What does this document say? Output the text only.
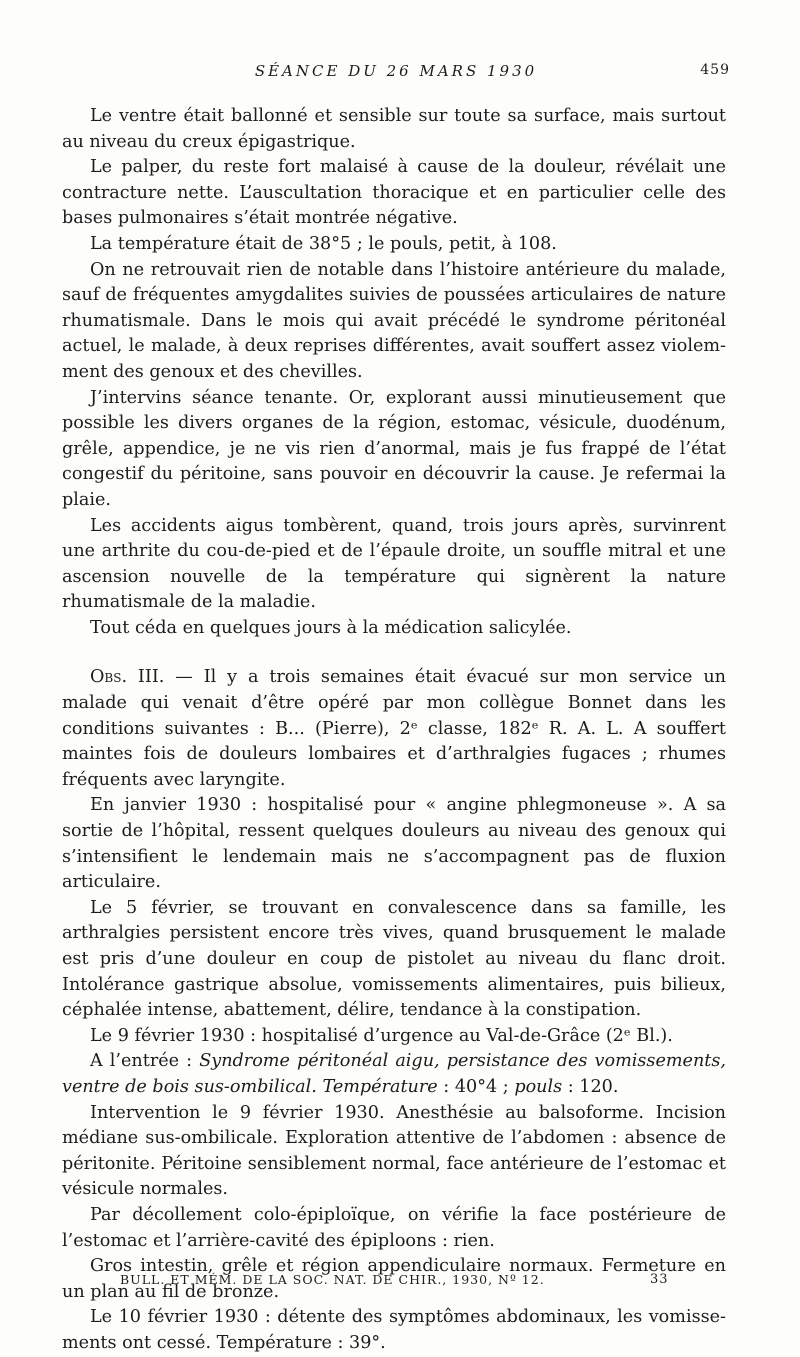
SÉANCE DU 26 MARS 1930	459

Le ventre était ballonné et sensible sur toute sa surface, mais surtout au niveau du creux épigastrique.

Le palper, du reste fort malaisé à cause de la douleur, révélait une contracture nette. L’auscultation thoracique et en particulier celle des bases pulmonaires s’était montrée négative.

La température était de 38°5 ; le pouls, petit, à 108.

On ne retrouvait rien de notable dans l’histoire antérieure du malade, sauf de fréquentes amygdalites suivies de poussées articulaires de nature rhumatismale. Dans le mois qui avait précédé le syndrome péritonéal actuel, le malade, à deux reprises différentes, avait souffert assez violemment des genoux et des chevilles.

J’intervins séance tenante. Or, explorant aussi minutieusement que possible les divers organes de la région, estomac, vésicule, duodénum, grêle, appendice, je ne vis rien d’anormal, mais je fus frappé de l’état congestif du péritoine, sans pouvoir en découvrir la cause. Je refermai la plaie.

Les accidents aigus tombèrent, quand, trois jours après, survinrent une arthrite du cou-de-pied et de l’épaule droite, un souffle mitral et une ascension nouvelle de la température qui signèrent la nature rhumatismale de la maladie.

Tout céda en quelques jours à la médication salicylée.

Obs. III. — Il y a trois semaines était évacué sur mon service un malade qui venait d’être opéré par mon collègue Bonnet dans les conditions suivantes : B... (Pierre), 2ᵉ classe, 182ᵉ R. A. L. A souffert maintes fois de douleurs lombaires et d’arthralgies fugaces ; rhumes fréquents avec laryngite.

En janvier 1930 : hospitalisé pour « angine phlegmoneuse ». A sa sortie de l’hôpital, ressent quelques douleurs au niveau des genoux qui s’intensifient le lendemain mais ne s’accompagnent pas de fluxion articulaire.

Le 5 février, se trouvant en convalescence dans sa famille, les arthralgies persistent encore très vives, quand brusquement le malade est pris d’une douleur en coup de pistolet au niveau du flanc droit. Intolérance gastrique absolue, vomissements alimentaires, puis bilieux, céphalée intense, abattement, délire, tendance à la constipation.

Le 9 février 1930 : hospitalisé d’urgence au Val-de-Grâce (2ᵉ Bl.).

A l’entrée : Syndrome péritonéal aigu, persistance des vomissements, ventre de bois sus-ombilical. Température : 40°4 ; pouls : 120.

Intervention le 9 février 1930. Anesthésie au balsoforme. Incision médiane sus-ombilicale. Exploration attentive de l’abdomen : absence de péritonite. Péritoine sensiblement normal, face antérieure de l’estomac et vésicule normales.

Par décollement colo-épiploïque, on vérifie la face postérieure de l’estomac et l’arrière-cavité des épiploons : rien.

Gros intestin, grêle et région appendiculaire normaux. Fermeture en un plan au fil de bronze.

Le 10 février 1930 : détente des symptômes abdominaux, les vomissements ont cessé. Température : 39°.

BULL. ET MÉM. DE LA SOC. NAT. DE CHIR., 1930, Nº 12.	33
